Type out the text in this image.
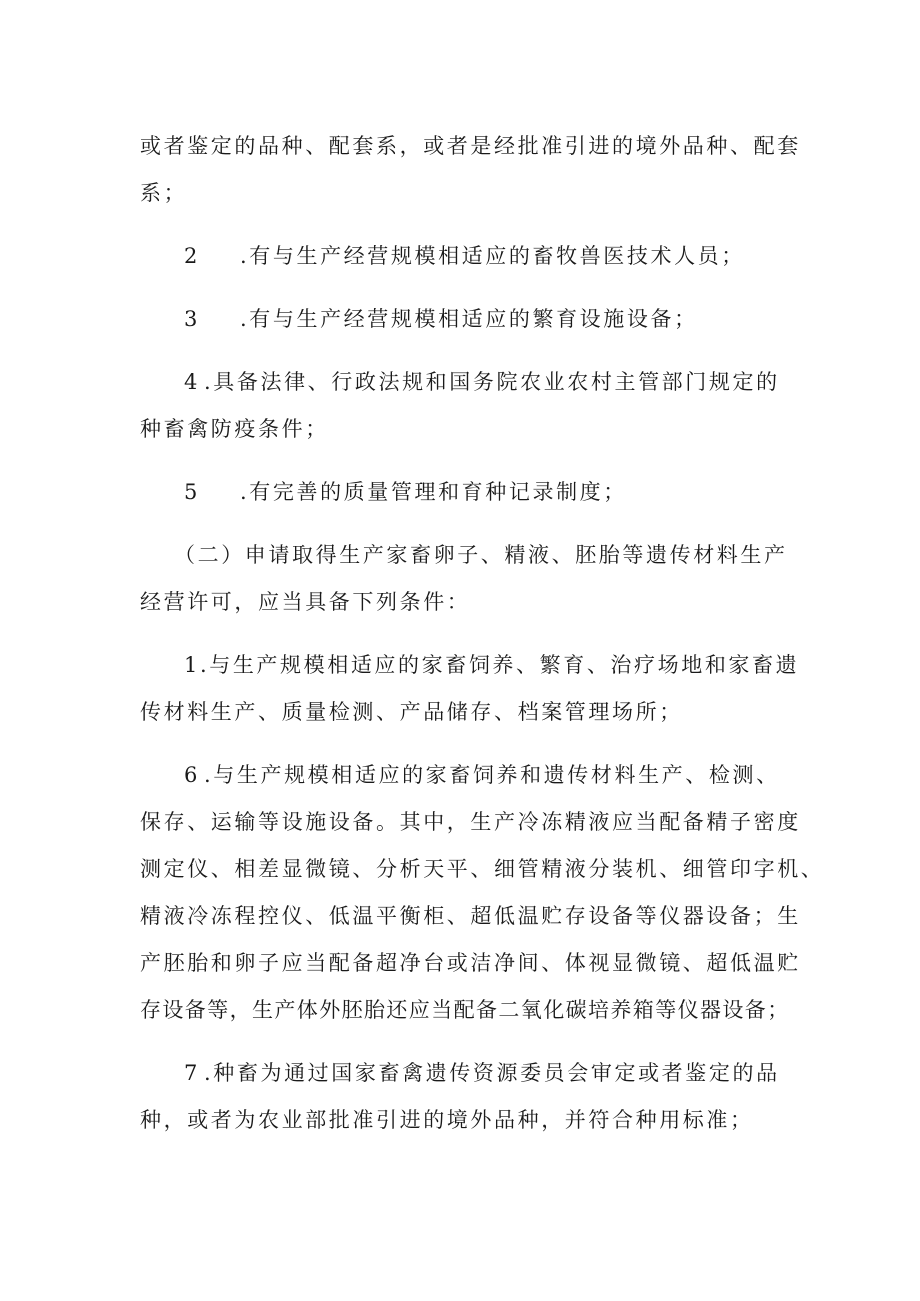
或者鉴定的品种、配套系，或者是经批准引进的境外品种、配套
系；
2 .有与生产经营规模相适应的畜牧兽医技术人员；
3 .有与生产经营规模相适应的繁育设施设备；
4 .具备法律、行政法规和国务院农业农村主管部门规定的
种畜禽防疫条件；
5 .有完善的质量管理和育种记录制度；
（二）申请取得生产家畜卵子、精液、胚胎等遗传材料生产
经营许可，应当具备下列条件：
1.与生产规模相适应的家畜饲养、繁育、治疗场地和家畜遗
传材料生产、质量检测、产品储存、档案管理场所；
6 .与生产规模相适应的家畜饲养和遗传材料生产、检测、
保存、运输等设施设备。其中，生产冷冻精液应当配备精子密度
测定仪、相差显微镜、分析天平、细管精液分装机、细管印字机、
精液冷冻程控仪、低温平衡柜、超低温贮存设备等仪器设备；生
产胚胎和卵子应当配备超净台或洁净间、体视显微镜、超低温贮
存设备等，生产体外胚胎还应当配备二氧化碳培养箱等仪器设备；
7 .种畜为通过国家畜禽遗传资源委员会审定或者鉴定的品
种，或者为农业部批准引进的境外品种，并符合种用标准；
